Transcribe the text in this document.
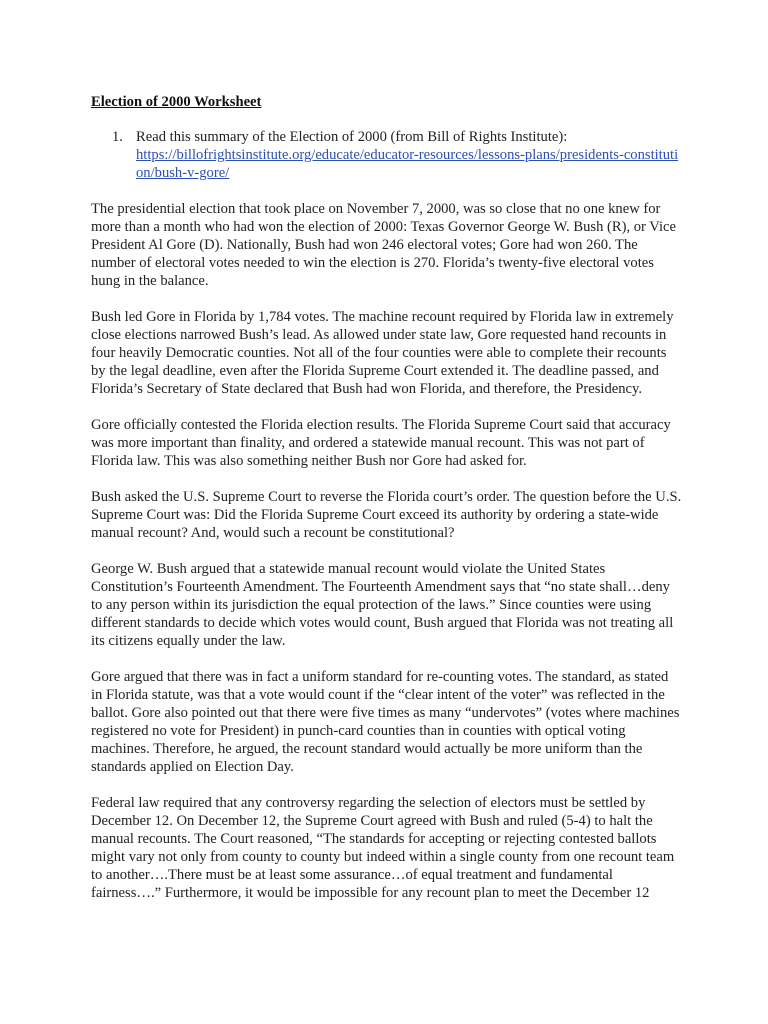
Election of 2000 Worksheet
1. Read this summary of the Election of 2000 (from Bill of Rights Institute):
https://billofrightsinstitute.org/educate/educator-resources/lessons-plans/presidents-constitution/bush-v-gore/

The presidential election that took place on November 7, 2000, was so close that no one knew for more than a month who had won the election of 2000: Texas Governor George W. Bush (R), or Vice President Al Gore (D). Nationally, Bush had won 246 electoral votes; Gore had won 260. The number of electoral votes needed to win the election is 270. Florida’s twenty-five electoral votes hung in the balance.

Bush led Gore in Florida by 1,784 votes. The machine recount required by Florida law in extremely close elections narrowed Bush’s lead. As allowed under state law, Gore requested hand recounts in four heavily Democratic counties. Not all of the four counties were able to complete their recounts by the legal deadline, even after the Florida Supreme Court extended it. The deadline passed, and Florida’s Secretary of State declared that Bush had won Florida, and therefore, the Presidency.

Gore officially contested the Florida election results. The Florida Supreme Court said that accuracy was more important than finality, and ordered a statewide manual recount. This was not part of Florida law. This was also something neither Bush nor Gore had asked for.

Bush asked the U.S. Supreme Court to reverse the Florida court’s order. The question before the U.S. Supreme Court was: Did the Florida Supreme Court exceed its authority by ordering a state-wide manual recount? And, would such a recount be constitutional?

George W. Bush argued that a statewide manual recount would violate the United States Constitution’s Fourteenth Amendment. The Fourteenth Amendment says that “no state shall…deny to any person within its jurisdiction the equal protection of the laws.” Since counties were using different standards to decide which votes would count, Bush argued that Florida was not treating all its citizens equally under the law.

Gore argued that there was in fact a uniform standard for re-counting votes. The standard, as stated in Florida statute, was that a vote would count if the “clear intent of the voter” was reflected in the ballot. Gore also pointed out that there were five times as many “undervotes” (votes where machines registered no vote for President) in punch-card counties than in counties with optical voting machines. Therefore, he argued, the recount standard would actually be more uniform than the standards applied on Election Day.

Federal law required that any controversy regarding the selection of electors must be settled by December 12. On December 12, the Supreme Court agreed with Bush and ruled (5-4) to halt the manual recounts. The Court reasoned, “The standards for accepting or rejecting contested ballots might vary not only from county to county but indeed within a single county from one recount team to another….There must be at least some assurance…of equal treatment and fundamental fairness….” Furthermore, it would be impossible for any recount plan to meet the December 12
